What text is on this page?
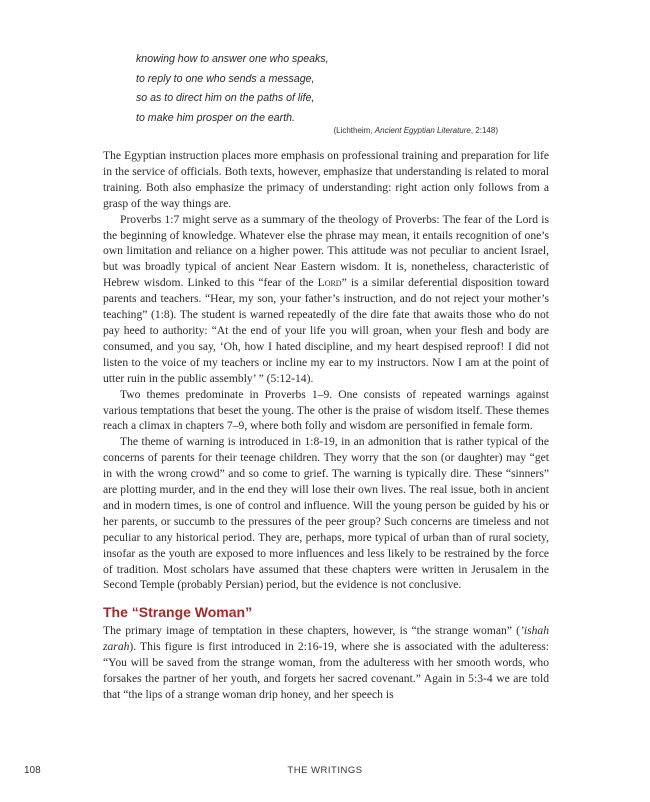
knowing how to answer one who speaks,
to reply to one who sends a message,
so as to direct him on the paths of life,
to make him prosper on the earth.
(Lichtheim, Ancient Egyptian Literature, 2:148)

The Egyptian instruction places more emphasis on professional training and preparation for life in the service of officials. Both texts, however, emphasize that understanding is related to moral training. Both also emphasize the primacy of understanding: right action only follows from a grasp of the way things are.

Proverbs 1:7 might serve as a summary of the theology of Proverbs: The fear of the Lord is the beginning of knowledge. Whatever else the phrase may mean, it entails recognition of one’s own limitation and reliance on a higher power. This attitude was not peculiar to ancient Israel, but was broadly typical of ancient Near Eastern wisdom. It is, nonetheless, characteristic of Hebrew wisdom. Linked to this “fear of the Lord” is a similar deferential disposition toward parents and teachers. “Hear, my son, your father’s instruction, and do not reject your mother’s teaching” (1:8). The student is warned repeatedly of the dire fate that awaits those who do not pay heed to authority: “At the end of your life you will groan, when your flesh and body are consumed, and you say, ‘Oh, how I hated discipline, and my heart despised reproof! I did not listen to the voice of my teachers or incline my ear to my instructors. Now I am at the point of utter ruin in the public assembly’ ” (5:12-14).

Two themes predominate in Proverbs 1–9. One consists of repeated warnings against various temptations that beset the young. The other is the praise of wisdom itself. These themes reach a climax in chapters 7–9, where both folly and wisdom are personified in female form.

The theme of warning is introduced in 1:8-19, in an admonition that is rather typical of the concerns of parents for their teenage children. They worry that the son (or daughter) may “get in with the wrong crowd” and so come to grief. The warning is typically dire. These “sinners” are plotting murder, and in the end they will lose their own lives. The real issue, both in ancient and in modern times, is one of control and influence. Will the young person be guided by his or her parents, or succumb to the pressures of the peer group? Such concerns are timeless and not peculiar to any historical period. They are, perhaps, more typical of urban than of rural society, insofar as the youth are exposed to more influences and less likely to be restrained by the force of tradition. Most scholars have assumed that these chapters were written in Jerusalem in the Second Temple (probably Persian) period, but the evidence is not conclusive.

The “Strange Woman”

The primary image of temptation in these chapters, however, is “the strange woman” (’ishah zarah). This figure is first introduced in 2:16-19, where she is associated with the adulteress: “You will be saved from the strange woman, from the adulteress with her smooth words, who forsakes the partner of her youth, and forgets her sacred covenant.” Again in 5:3-4 we are told that “the lips of a strange woman drip honey, and her speech is

108	THE WRITINGS
